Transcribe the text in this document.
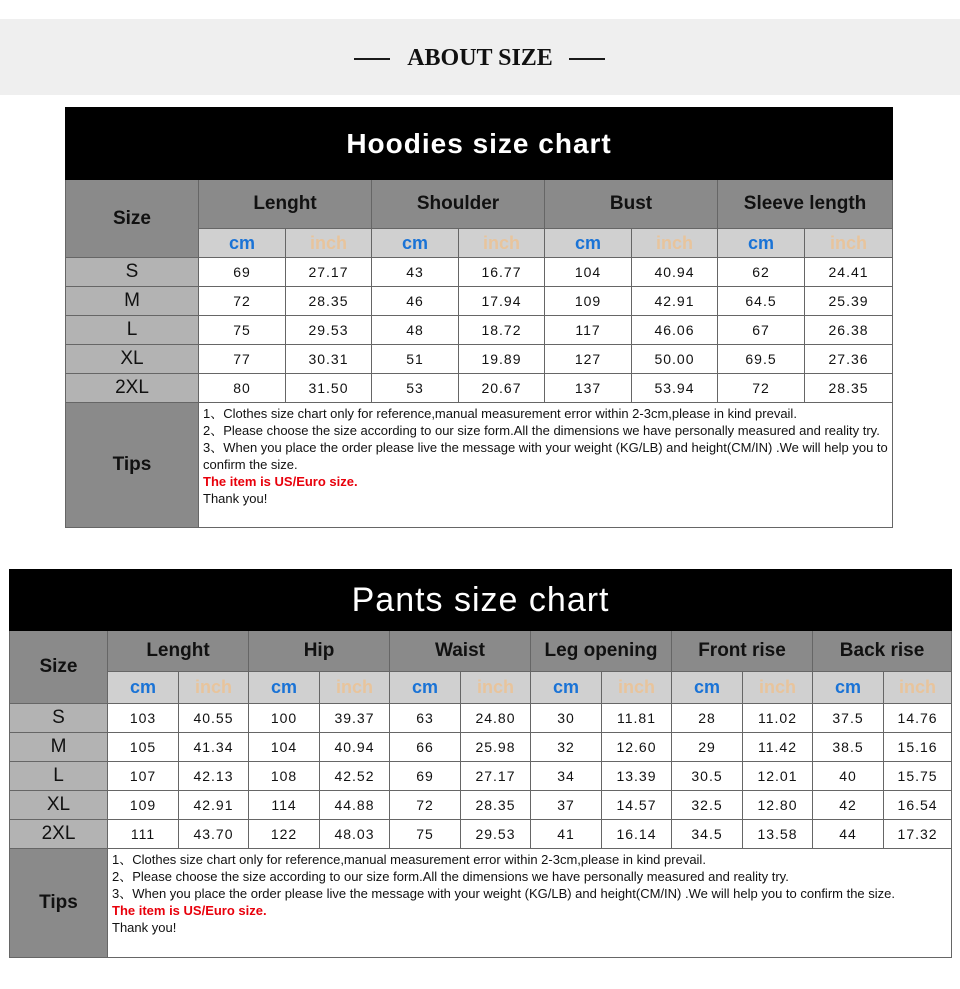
ABOUT SIZE
Hoodies size chart								
Size	Lenght		Shoulder		Bust		Sleeve length	
	cm	inch	cm	inch	cm	inch	cm	inch
S	69	27.17	43	16.77	104	40.94	62	24.41
M	72	28.35	46	17.94	109	42.91	64.5	25.39
L	75	29.53	48	18.72	117	46.06	67	26.38
XL	77	30.31	51	19.89	127	50.00	69.5	27.36
2XL	80	31.50	53	20.67	137	53.94	72	28.35
Tips	1、Clothes size chart only for reference,manual measurement error within 2-3cm,please in kind prevail.
2、Please choose the size according to our size form.All the dimensions we have personally measured and reality try.
3、When you place the order please live the message with your weight (KG/LB) and height(CM/IN) .We will help you to confirm the size.
The item is US/Euro size.
Thank you!							
Pants size chart												
Size	Lenght		Hip		Waist		Leg opening		Front rise		Back rise	
	cm	inch	cm	inch	cm	inch	cm	inch	cm	inch	cm	inch
S	103	40.55	100	39.37	63	24.80	30	11.81	28	11.02	37.5	14.76
M	105	41.34	104	40.94	66	25.98	32	12.60	29	11.42	38.5	15.16
L	107	42.13	108	42.52	69	27.17	34	13.39	30.5	12.01	40	15.75
XL	109	42.91	114	44.88	72	28.35	37	14.57	32.5	12.80	42	16.54
2XL	111	43.70	122	48.03	75	29.53	41	16.14	34.5	13.58	44	17.32
Tips	1、Clothes size chart only for reference,manual measurement error within 2-3cm,please in kind prevail.
2、Please choose the size according to our size form.All the dimensions we have personally measured and reality try.
3、When you place the order please live the message with your weight (KG/LB) and height(CM/IN) .We will help you to confirm the size.
The item is US/Euro size.
Thank you!											
